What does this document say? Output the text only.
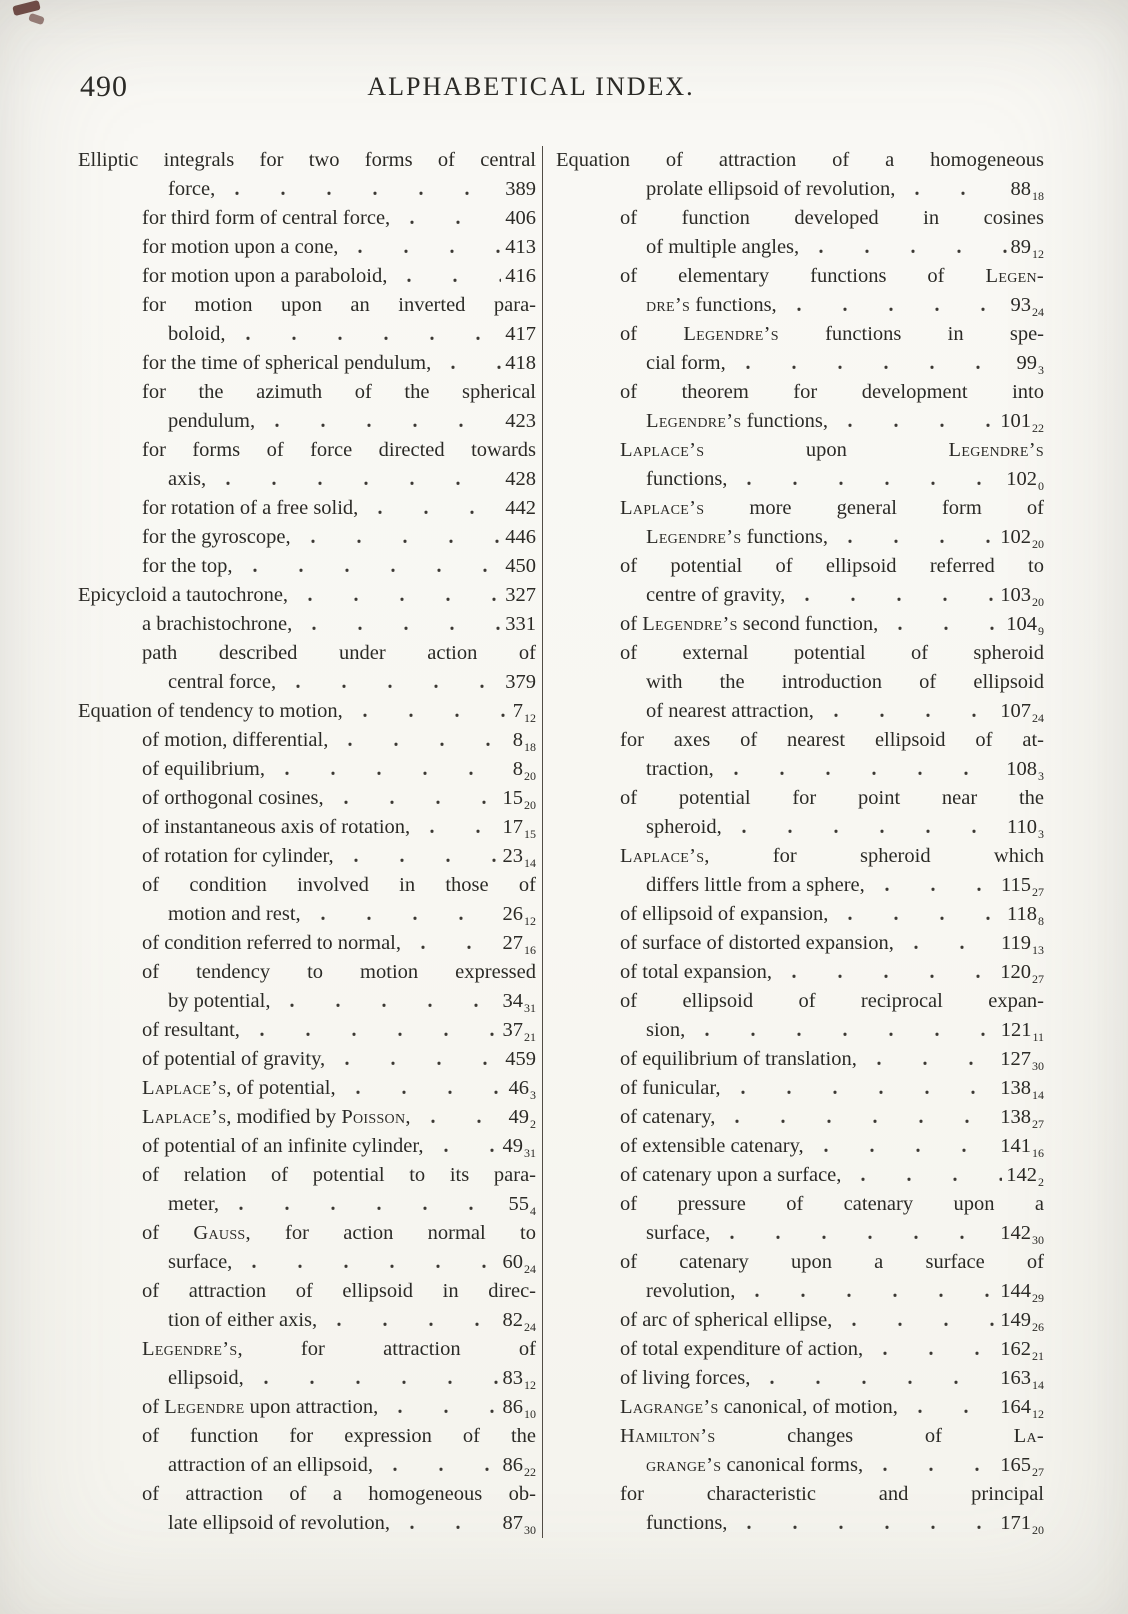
490	ALPHABETICAL INDEX.
Elliptic integrals for two forms of central
force,	389
for third form of central force,	406
for motion upon a cone,	413
for motion upon a paraboloid,	416
for motion upon an inverted para-
boloid,	417
for the time of spherical pendulum,	418
for the azimuth of the spherical
pendulum,	423
for forms of force directed towards
axis,	428
for rotation of a free solid,	442
for the gyroscope,	446
for the top,	450
Epicycloid a tautochrone,	327
a brachistochrone,	331
path described under action of
central force,	379
Equation of tendency to motion,	$7_{12}$
of motion, differential,	$8_{18}$
of equilibrium,	$8_{20}$
of orthogonal cosines,	$15_{20}$
of instantaneous axis of rotation,	$17_{15}$
of rotation for cylinder,	$23_{14}$
of condition involved in those of
motion and rest,	$26_{12}$
of condition referred to normal,	$27_{16}$
of tendency to motion expressed
by potential,	$34_{31}$
of resultant,	$37_{21}$
of potential of gravity,	459
Laplace’s, of potential,	$46_3$
Laplace’s, modified by Poisson,	$49_2$
of potential of an infinite cylinder,	$49_{31}$
of relation of potential to its para-
meter,	$55_4$
of Gauss, for action normal to
surface,	$60_{24}$
of attraction of ellipsoid in direc-
tion of either axis,	$82_{24}$
Legendre’s, for attraction of
ellipsoid,	$83_{12}$
of Legendre upon attraction,	$86_{10}$
of function for expression of the
attraction of an ellipsoid,	$86_{22}$
of attraction of a homogeneous ob-
late ellipsoid of revolution,	$87_{30}$
Equation of attraction of a homogeneous
prolate ellipsoid of revolution,	$88_{18}$
of function developed in cosines
of multiple angles,	$89_{12}$
of elementary functions of Legen-
dre’s functions,	$93_{24}$
of Legendre’s functions in spe-
cial form,	$99_3$
of theorem for development into
Legendre’s functions,	$101_{22}$
Laplace’s upon Legendre’s
functions,	$102_0$
Laplace’s more general form of
Legendre’s functions,	$102_{20}$
of potential of ellipsoid referred to
centre of gravity,	$103_{20}$
of Legendre’s second function,	$104_9$
of external potential of spheroid
with the introduction of ellipsoid
of nearest attraction,	$107_{24}$
for axes of nearest ellipsoid of at-
traction,	$108_3$
of potential for point near the
spheroid,	$110_3$
Laplace’s, for spheroid which
differs little from a sphere,	$115_{27}$
of ellipsoid of expansion,	$118_8$
of surface of distorted expansion,	$119_{13}$
of total expansion,	$120_{27}$
of ellipsoid of reciprocal expan-
sion,	$121_{11}$
of equilibrium of translation,	$127_{30}$
of funicular,	$138_{14}$
of catenary,	$138_{27}$
of extensible catenary,	$141_{16}$
of catenary upon a surface,	$142_2$
of pressure of catenary upon a
surface,	$142_{30}$
of catenary upon a surface of
revolution,	$144_{29}$
of arc of spherical ellipse,	$149_{26}$
of total expenditure of action,	$162_{21}$
of living forces,	$163_{14}$
Lagrange’s canonical, of motion,	$164_{12}$
Hamilton’s changes of La-
grange’s canonical forms,	$165_{27}$
for characteristic and principal
functions,	$171_{20}$
